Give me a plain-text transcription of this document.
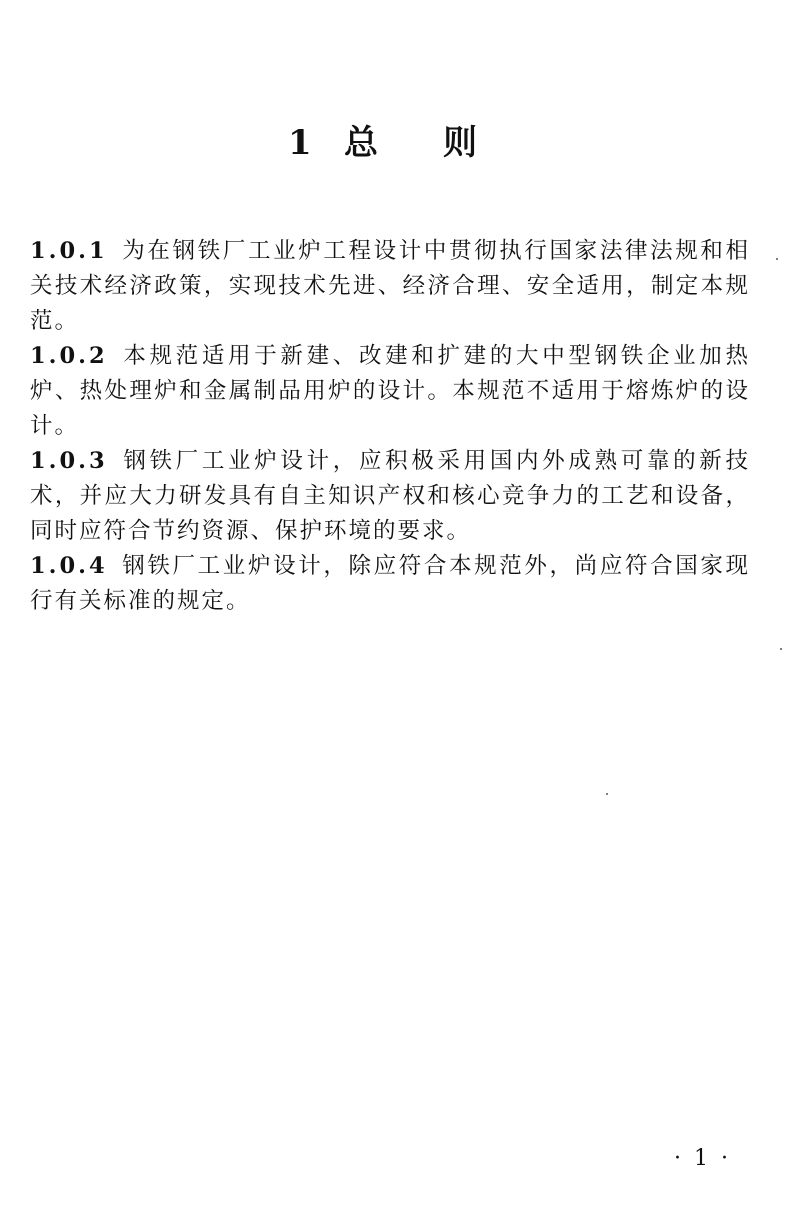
1 总 则

1.0.1 为在钢铁厂工业炉工程设计中贯彻执行国家法律法规和相关技术经济政策，实现技术先进、经济合理、安全适用，制定本规范。

1.0.2 本规范适用于新建、改建和扩建的大中型钢铁企业加热炉、热处理炉和金属制品用炉的设计。本规范不适用于熔炼炉的设计。

1.0.3 钢铁厂工业炉设计，应积极采用国内外成熟可靠的新技术，并应大力研发具有自主知识产权和核心竞争力的工艺和设备，同时应符合节约资源、保护环境的要求。

1.0.4 钢铁厂工业炉设计，除应符合本规范外，尚应符合国家现行有关标准的规定。

· 1 ·
